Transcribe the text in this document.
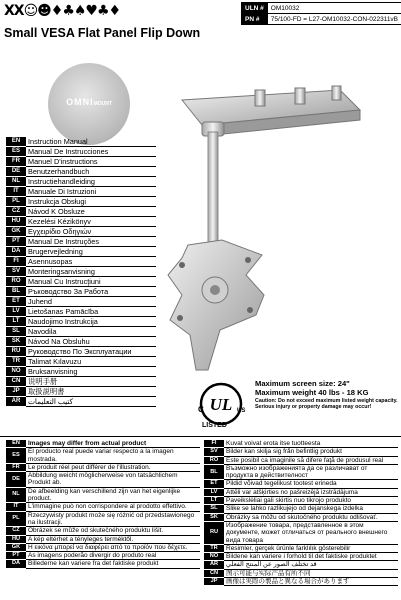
XX☺☻♦♣♠♥♣♦
Small VESA Flat Panel Flip Down
ULN #	OM10032
PN #	75/100-FD = L27-OM10032-CON-022311vB
OMNIMOUNT
EN	Instruction Manual
ES	Manual De Instrucciones
FR	Manuel D'instructions
DE	Benutzerhandbuch
NL	Instructiehandleiding
IT	Manuale Di Istruzioni
PL	Instrukcja Obsługi
CZ	Návod K Obsluze
HU	Kezelési Kézikönyv
GK	Εγχειρίδιο Οδηγιών
PT	Manual De Instruções
DA	Brugervejledning
FI	Asennusopas
SV	Monteringsanvisning
RO	Manual Cu Instrucţiuni
BL	Ръководство За Работа
ET	Juhend
LV	Lietošanas Pamācība
LT	Naudojimo Instrukcija
SL	Navodila
SK	Návod Na Obsluhu
RU	Руководство По Эксплуатации
TR	Talimat Kılavuzu
NO	Bruksanvisning
CN	说明手册
JP	取扱説明書
AR	كتيب التعليمات	UL
C	US
LISTED
Maximum screen size: 24"
Maximum weight 40 lbs - 18 KG
Caution: Do not exceed maximum listed weight capacity. Serious injury or property damage may occur!
EN	Images may differ from actual product
ES	El producto real puede variar respecto a la imagen mostrada.
FR	Le produit réel peut différer de l'illustration.
DE	Abbildung weicht möglicherweise von tatsächlichem Produkt ab.
NL	De afbeelding kan verschillend zijn van het eigenlijke product.
IT	L'immagine può non corrispondere al prodotto effettivo.
PL	Rzeczywisty produkt może się różnić od przedstawionego na ilustracji.
CZ	Obrázek se může od skutečného produktu lišit.
HU	A kép eltérhet a tényleges terméktől.
GK	Η εικόνα μπορεί να διαφέρει από το προϊόν που δέχετε.
PT	As imagens poderão divergir do produto real
DA	Billederne kan variere fra det faktiske produkt
FI	Kuvat voivat erota itse tuotteesta
SV	Bilder kan skilja sig från befintlig produkt
RO	Este posibil ca imaginile să difere faţă de produsul real
BL	Възможно изображенията да се различават от продукта в действителност
ET	Pildid võivad tegelikust tootest erineda
LV	Attēli var atšķirties no pašreizējā izstrādājuma
LT	Paveikslėliai gali skirtis nuo tikrojo produkto
SL	Slike se lahko razlikujejo od dejanskega izdelka
SK	Obrázky sa môžu od skutočného produktu odlišovať.
RU	Изображение товара, представленное в этом документе, может отличаться от реального внешнего вида товара
TR	Resimler, gerçek ürünle farklılık gösterebilir
NO	Bildene kan variere i forhold til det faktiske produktet
AR	قد تختلف الصور عن المنتج الفعلي
CN	图示可能与实际产品有所不同
JP	画像は実際の製品と異なる場合があります
